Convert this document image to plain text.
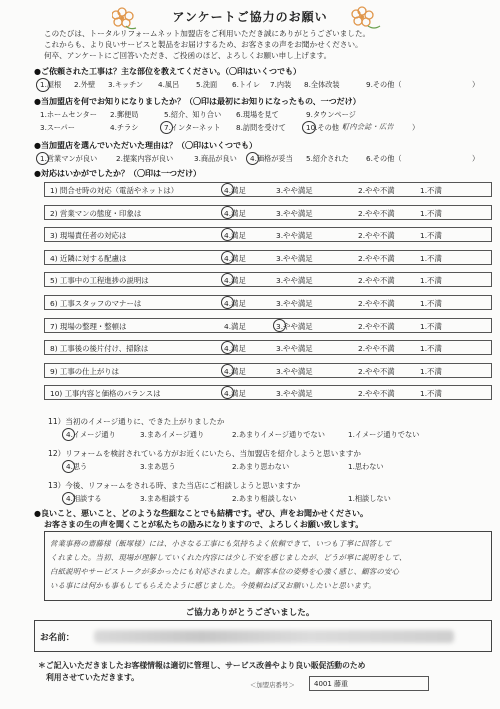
アンケートご協力のお願い
このたびは、トータルリフォームネット加盟店をご利用いただき誠にありがとうございました。
これからも、より良いサービスと製品をお届けするため、お客さまの声をお聞かせください。
何卒、アンケートにご回答いただき、ご投函のほど、よろしくお願い申し上げます。
●ご依頼された工事は？主な部位を教えてください。（〇印はいくつでも）
1.屋根 2.外壁 3.キッチン 4.風呂 5.洗面 6.トイレ 7.内装 8.全体改装	9.その他（	）
●当加盟店を何でお知りになりましたか？（〇印は最初にお知りになったもの、一つだけ）
1.ホームセンター 2.郵便局	5.紹介、知り合い 6.現場を見て	9.タウンページ
3.スーパー	4.チラシ	7.インターネット 8.訪問を受けて	10.その他（
町内会誌・広告	）
●当加盟店を選んでいただいた理由は？（〇印はいくつでも）
1.営業マンが良い	2.提案内容が良い	3.商品が良い 4.価格が妥当 5.紹介された 6.その他（	）
●対応はいかがでしたか？（〇印は一つだけ）
1) 問合せ時の対応（電話やネットは）	4.満足	3.やや満足	2.やや不満	1.不満
2) 営業マンの態度・印象は	4.満足	3.やや満足	2.やや不満	1.不満
3) 現場責任者の対応は	4.満足	3.やや満足	2.やや不満	1.不満
4) 近隣に対する配慮は	4.満足	3.やや満足	2.やや不満	1.不満
5) 工事中の工程進捗の説明は	4.満足	3.やや満足	2.やや不満	1.不満
6) 工事スタッフのマナーは	4.満足	3.やや満足	2.やや不満	1.不満
7) 現場の整理・整頓は	4.満足	3.やや満足	2.やや不満	1.不満
8) 工事後の後片付け、掃除は	4.満足	3.やや満足	2.やや不満	1.不満
9) 工事の仕上がりは	4.満足	3.やや満足	2.やや不満	1.不満
10) 工事内容と価格のバランスは	4.満足	3.やや満足	2.やや不満	1.不満
11）当初のイメージ通りに、できた上がりましたか
4.イメージ通り	3.まあイメージ通り	2.あまりイメージ通りでない	1.イメージ通りでない
12）リフォームを検討されている方がお近くにいたら、当加盟店を紹介しようと思いますか
4.思う	3.まあ思う	2.あまり思わない	1.思わない
13）今後、リフォームをされる時、また当店にご相談しようと思いますか
4.相談する	3.まあ相談する	2.あまり相談しない	1.相談しない
●良いこと、悪いこと、どのような些細なことでも結構です。ぜひ、声をお聞かせください。
お客さまの生の声を聞くことが私たちの励みになりますので、よろしくお願い致します。
営業事務の齋藤様（飯塚様）には、小さなる工事にも気持ちよく依頼できて、いつも丁寧に回答して
くれました。当初、現場が理解していくれた内容には少し不安を感じましたが、どうが寧に説明をして、
白紙説明やサービストークが多かったにも対応されました。顧客本位の姿勢を心強く感じ、顧客の安心
いる事には何かも事もしてもらえたように感じました。今後頼ねば又お願いしたいと思います。
ご協力ありがとうございました。
お名前：
＊ご記入いただきましたお客様情報は適切に管理し、サービス改善やより良い販促活動のため
利用させていただきます。
＜加盟店番号＞	4001 藤重
